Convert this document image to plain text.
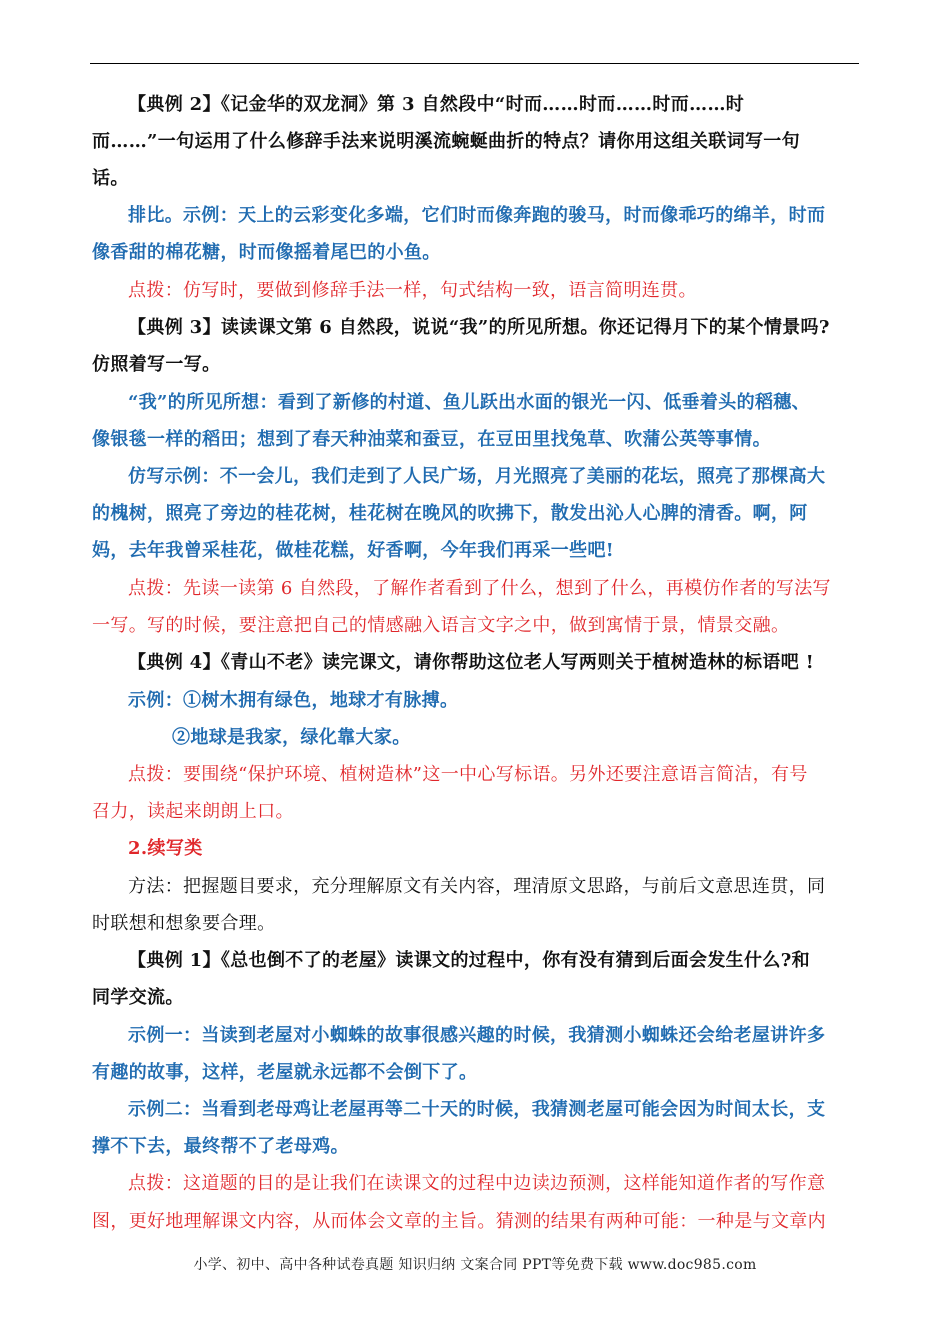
【典例 2】《记金华的双龙洞》第 3 自然段中“时而……时而……时而……时
而……”一句运用了什么修辞手法来说明溪流蜿蜒曲折的特点？请你用这组关联词写一句
话。
排比。示例：天上的云彩变化多端，它们时而像奔跑的骏马，时而像乖巧的绵羊，时而
像香甜的棉花糖，时而像摇着尾巴的小鱼。
点拨：仿写时，要做到修辞手法一样，句式结构一致，语言简明连贯。
【典例 3】读读课文第 6 自然段，说说“我”的所见所想。你还记得月下的某个情景吗?
仿照着写一写。
“我”的所见所想：看到了新修的村道、鱼儿跃出水面的银光一闪、低垂着头的稻穗、
像银毯一样的稻田；想到了春天种油菜和蚕豆，在豆田里找兔草、吹蒲公英等事情。
仿写示例：不一会儿，我们走到了人民广场，月光照亮了美丽的花坛，照亮了那棵高大
的槐树，照亮了旁边的桂花树，桂花树在晚风的吹拂下，散发出沁人心脾的清香。啊，阿
妈，去年我曾采桂花，做桂花糕，好香啊，今年我们再采一些吧!
点拨：先读一读第 6 自然段，了解作者看到了什么，想到了什么，再模仿作者的写法写
一写。写的时候，要注意把自己的情感融入语言文字之中，做到寓情于景，情景交融。
【典例 4】《青山不老》读完课文，请你帮助这位老人写两则关于植树造林的标语吧 !
示例：①树木拥有绿色，地球才有脉搏。
②地球是我家，绿化靠大家。
点拨：要围绕“保护环境、植树造林”这一中心写标语。另外还要注意语言简洁，有号
召力，读起来朗朗上口。
2.续写类
方法：把握题目要求，充分理解原文有关内容，理清原文思路，与前后文意思连贯，同
时联想和想象要合理。
【典例 1】《总也倒不了的老屋》读课文的过程中，你有没有猜到后面会发生什么?和
同学交流。
示例一：当读到老屋对小蜘蛛的故事很感兴趣的时候，我猜测小蜘蛛还会给老屋讲许多
有趣的故事，这样，老屋就永远都不会倒下了。
示例二：当看到老母鸡让老屋再等二十天的时候，我猜测老屋可能会因为时间太长，支
撑不下去，最终帮不了老母鸡。
点拨：这道题的目的是让我们在读课文的过程中边读边预测，这样能知道作者的写作意
图，更好地理解课文内容，从而体会文章的主旨。猜测的结果有两种可能：一种是与文章内
小学、初中、高中各种试卷真题 知识归纳 文案合同 PPT等免费下载 www.doc985.com
